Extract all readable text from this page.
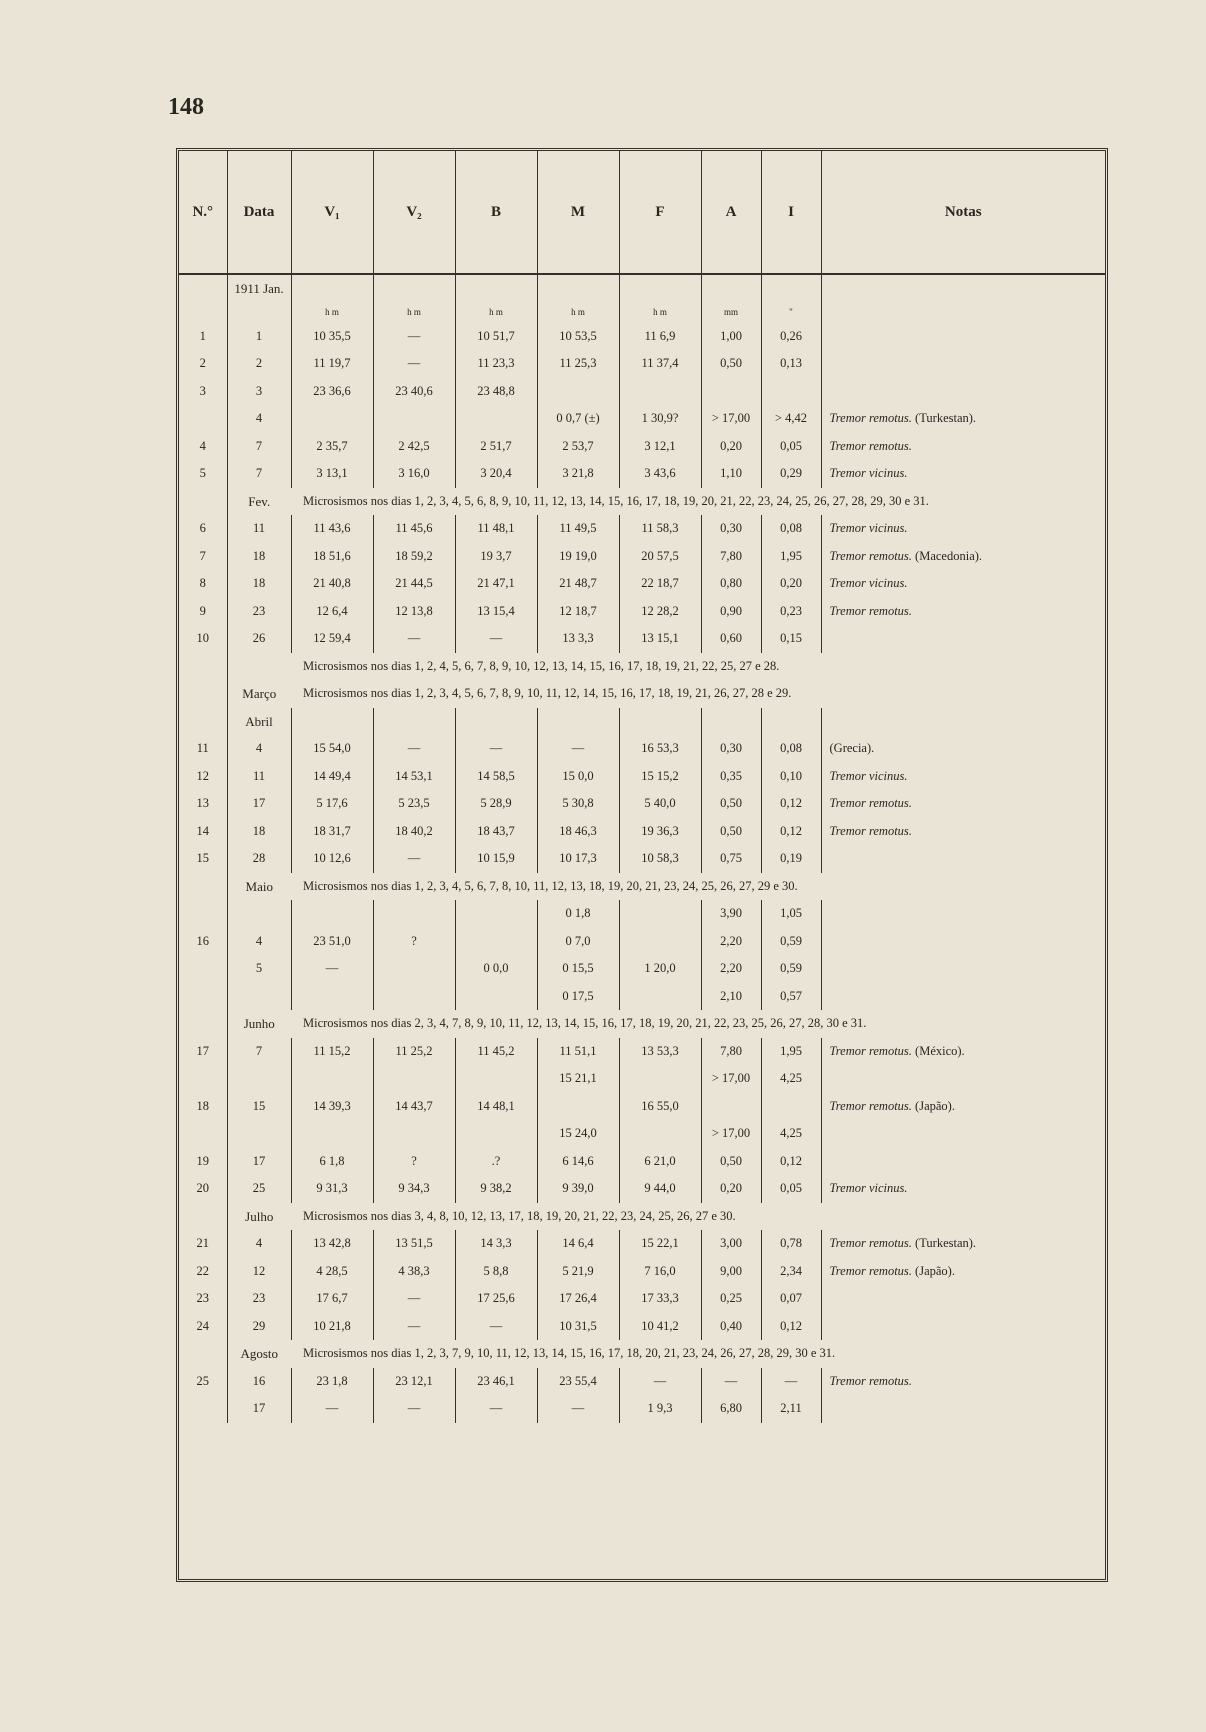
148
N.°	Data	V₁	V₂	B	M	F	A	I	Notas
	1911 Jan.								
		h m	h m	h m	h m	h m	mm	"	
1	1	10 35,5	—	10 51,7	10 53,5	11 6,9	1,00	0,26	
2	2	11 19,7	—	11 23,3	11 25,3	11 37,4	0,50	0,13	
3	3	23 36,6	23 40,6	23 48,8					
	4				0 0,7 (±)	1 30,9?	> 17,00	> 4,42	Tremor remotus. (Turkestan).
4	7	2 35,7	2 42,5	2 51,7	2 53,7	3 12,1	0,20	0,05	Tremor remotus.
5	7	3 13,1	3 16,0	3 20,4	3 21,8	3 43,6	1,10	0,29	Tremor vicinus.
	Fev.	Microsismos nos dias 1, 2, 3, 4, 5, 6, 8, 9, 10, 11, 12, 13, 14, 15, 16, 17, 18, 19, 20, 21, 22, 23, 24, 25, 26, 27, 28, 29, 30 e 31.							
6	11	11 43,6	11 45,6	11 48,1	11 49,5	11 58,3	0,30	0,08	Tremor vicinus.
7	18	18 51,6	18 59,2	19 3,7	19 19,0	20 57,5	7,80	1,95	Tremor remotus. (Macedonia).
8	18	21 40,8	21 44,5	21 47,1	21 48,7	22 18,7	0,80	0,20	Tremor vicinus.
9	23	12 6,4	12 13,8	13 15,4	12 18,7	12 28,2	0,90	0,23	Tremor remotus.
10	26	12 59,4	—	—	13 3,3	13 15,1	0,60	0,15	
		Microsismos nos dias 1, 2, 4, 5, 6, 7, 8, 9, 10, 12, 13, 14, 15, 16, 17, 18, 19, 21, 22, 25, 27 e 28.							
	Março	Microsismos nos dias 1, 2, 3, 4, 5, 6, 7, 8, 9, 10, 11, 12, 14, 15, 16, 17, 18, 19, 21, 26, 27, 28 e 29.							
	Abril								
11	4	15 54,0	—	—	—	16 53,3	0,30	0,08	(Grecia).
12	11	14 49,4	14 53,1	14 58,5	15 0,0	15 15,2	0,35	0,10	Tremor vicinus.
13	17	5 17,6	5 23,5	5 28,9	5 30,8	5 40,0	0,50	0,12	Tremor remotus.
14	18	18 31,7	18 40,2	18 43,7	18 46,3	19 36,3	0,50	0,12	Tremor remotus.
15	28	10 12,6	—	10 15,9	10 17,3	10 58,3	0,75	0,19	
	Maio	Microsismos nos dias 1, 2, 3, 4, 5, 6, 7, 8, 10, 11, 12, 13, 18, 19, 20, 21, 23, 24, 25, 26, 27, 29 e 30.							
					0 1,8		3,90	1,05	
16	4	23 51,0	?		0 7,0		2,20	0,59	
	5	—		0 0,0	0 15,5	1 20,0	2,20	0,59	
					0 17,5		2,10	0,57	
	Junho	Microsismos nos dias 2, 3, 4, 7, 8, 9, 10, 11, 12, 13, 14, 15, 16, 17, 18, 19, 20, 21, 22, 23, 25, 26, 27, 28, 30 e 31.							
17	7	11 15,2	11 25,2	11 45,2	11 51,1	13 53,3	7,80	1,95	Tremor remotus. (México).
					15 21,1		> 17,00	4,25	
18	15	14 39,3	14 43,7	14 48,1		16 55,0			Tremor remotus. (Japão).
					15 24,0		> 17,00	4,25	
19	17	6 1,8	?	.?	6 14,6	6 21,0	0,50	0,12	
20	25	9 31,3	9 34,3	9 38,2	9 39,0	9 44,0	0,20	0,05	Tremor vicinus.
	Julho	Microsismos nos dias 3, 4, 8, 10, 12, 13, 17, 18, 19, 20, 21, 22, 23, 24, 25, 26, 27 e 30.							
21	4	13 42,8	13 51,5	14 3,3	14 6,4	15 22,1	3,00	0,78	Tremor remotus. (Turkestan).
22	12	4 28,5	4 38,3	5 8,8	5 21,9	7 16,0	9,00	2,34	Tremor remotus. (Japão).
23	23	17 6,7	—	17 25,6	17 26,4	17 33,3	0,25	0,07	
24	29	10 21,8	—	—	10 31,5	10 41,2	0,40	0,12	
	Agosto	Microsismos nos dias 1, 2, 3, 7, 9, 10, 11, 12, 13, 14, 15, 16, 17, 18, 20, 21, 23, 24, 26, 27, 28, 29, 30 e 31.							
25	16	23 1,8	23 12,1	23 46,1	23 55,4	—	—	—	Tremor remotus.
	17	—	—	—	—	1 9,3	6,80	2,11	
